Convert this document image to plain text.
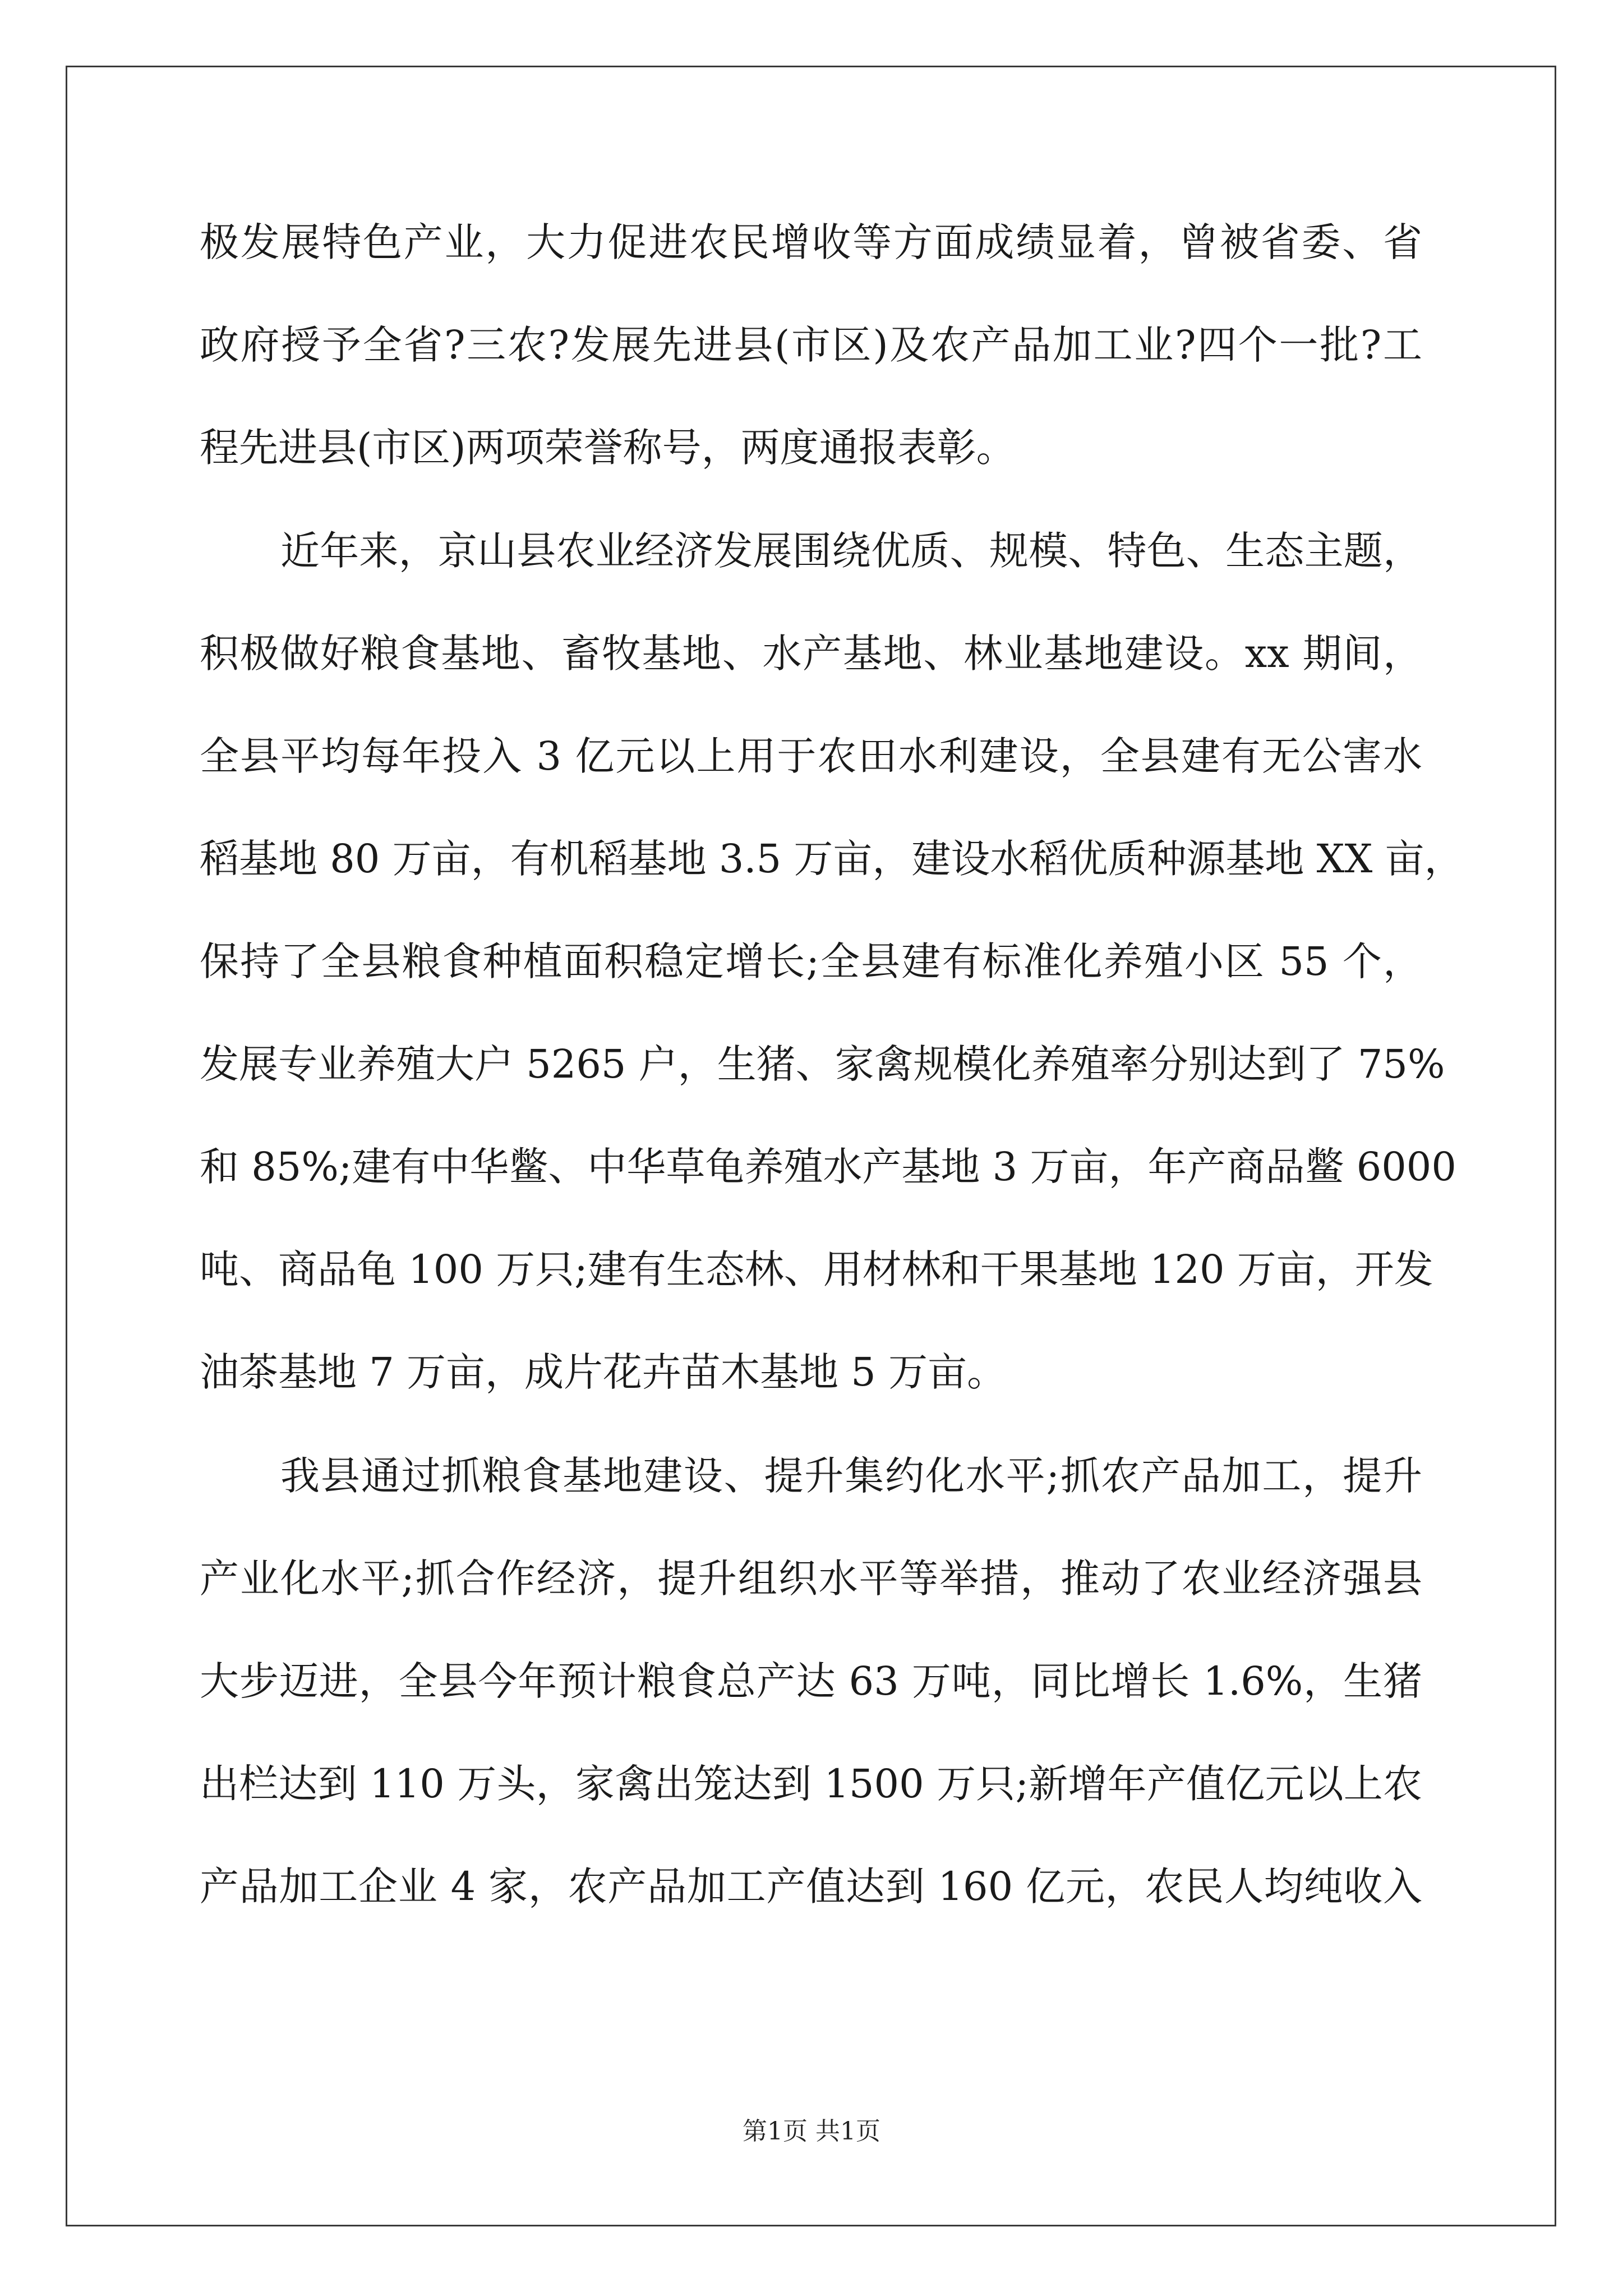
极发展特色产业，大力促进农民增收等方面成绩显着，曾被省委、省
政府授予全省?三农?发展先进县(市区)及农产品加工业?四个一批?工
程先进县(市区)两项荣誉称号，两度通报表彰。
近年来，京山县农业经济发展围绕优质、规模、特色、生态主题，
积极做好粮食基地、畜牧基地、水产基地、林业基地建设。xx 期间，
全县平均每年投入 3 亿元以上用于农田水利建设，全县建有无公害水
稻基地 80 万亩，有机稻基地 3.5 万亩，建设水稻优质种源基地 XX 亩，
保持了全县粮食种植面积稳定增长;全县建有标准化养殖小区 55 个，
发展专业养殖大户 5265 户，生猪、家禽规模化养殖率分别达到了 75%
和 85%;建有中华鳖、中华草龟养殖水产基地 3 万亩，年产商品鳖 6000
吨、商品龟 100 万只;建有生态林、用材林和干果基地 120 万亩，开发
油茶基地 7 万亩，成片花卉苗木基地 5 万亩。
我县通过抓粮食基地建设、提升集约化水平;抓农产品加工，提升
产业化水平;抓合作经济，提升组织水平等举措，推动了农业经济强县
大步迈进，全县今年预计粮食总产达 63 万吨，同比增长 1.6%，生猪
出栏达到 110 万头，家禽出笼达到 1500 万只;新增年产值亿元以上农
产品加工企业 4 家，农产品加工产值达到 160 亿元，农民人均纯收入
第1页 共1页
